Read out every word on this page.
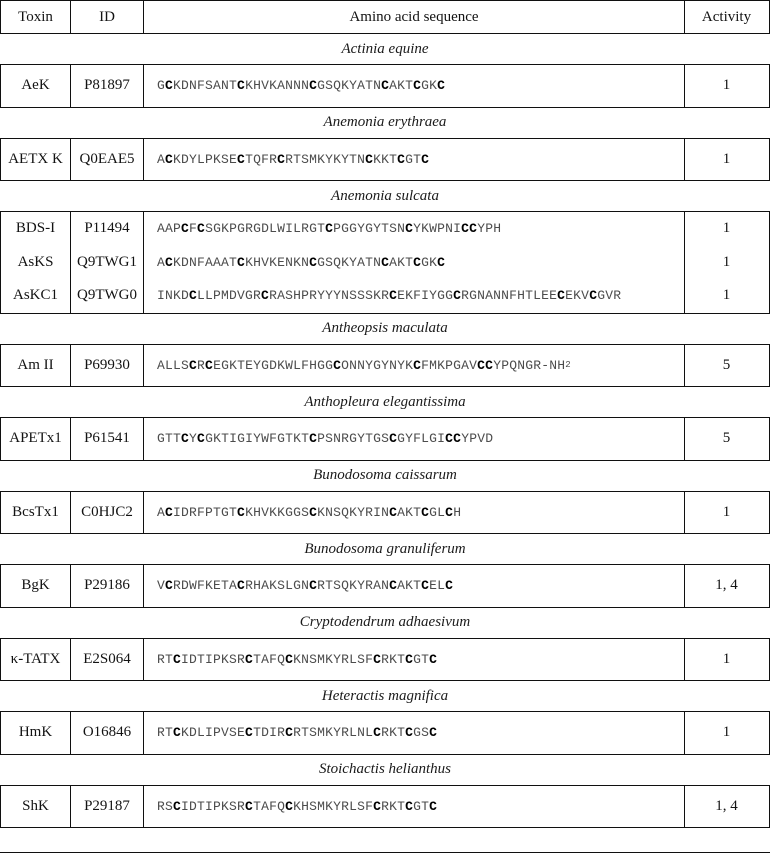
Toxin	ID	Amino acid sequence	Activity
Actinia equine
AeK	P81897	G C KDNFSANT C KHVKANNN C GSQKYATN C AKT C GK C	1
Anemonia erythraea
AETX K	Q0EAE5	A C KDYLPKSE C TQFR C RTSMKYKYTN C KKT C GT C	1
Anemonia sulcata
BDS-I	P11494	AAP C F C SGKPGRGDLWILRGT C PGGYGYTSN C YKWPNI C C YPH	1
AsKS	Q9TWG1	A C KDNFAAAT C KHVKENKN C GSQKYATN C AKT C GK C	1
AsKC1	Q9TWG0	INKD C LLPMDVGR C RASHPRYYYNSSSKR C EKFIYGG C RGNANNFHTLEE C EKV C GVR	1
Antheopsis maculata
Am II	P69930	ALLS C R C EGKTEYGDKWLFHGG C ONNYGYNYK C FMKPGAV C C YPQNGR-NH 2	5
Anthopleura elegantissima
APETx1	P61541	GTT C Y C GKTIGIYWFGTKT C PSNRGYTGS C GYFLGI C C YPVD	5
Bunodosoma caissarum
BcsTx1	C0HJC2	A C IDRFPTGT C KHVKKGGS C KNSQKYRIN C AKT C GL C H	1
Bunodosoma granuliferum
BgK	P29186	V C RDWFKETA C RHAKSLGN C RTSQKYRAN C AKT C EL C	1, 4
Cryptodendrum adhaesivum
κ-TATX	E2S064	RT C IDTIPKSR C TAFQ C KNSMKYRLSF C RKT C GT C	1
Heteractis magnifica
HmK	O16846	RT C KDLIPVSE C TDIR C RTSMKYRLNL C RKT C GS C	1
Stoichactis helianthus
ShK	P29187	RS C IDTIPKSR C TAFQ C KHSMKYRLSF C RKT C GT C	1, 4
